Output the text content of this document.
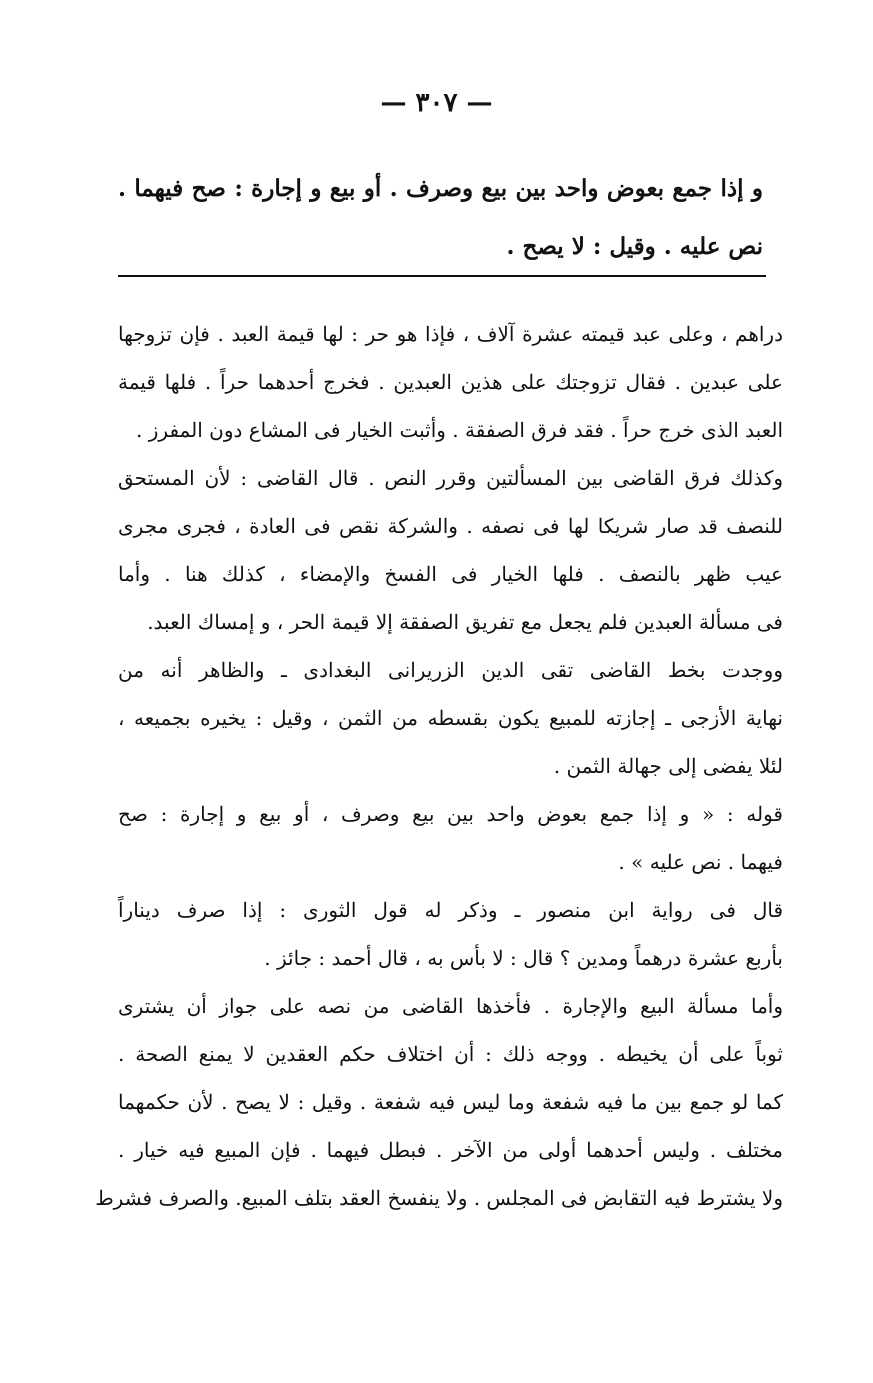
— ٣٠٧ —
و إذا جمع بعوض واحد بين بيع وصرف . أو بيع و إجارة : صح فيهما .
نص عليه . وقيل : لا يصح .
دراهم ، وعلى عبد قيمته عشرة آلاف ، فإذا هو حر : لها قيمة العبد . فإن تزوجها
على عبدين . فقال تزوجتك على هذين العبدين . فخرج أحدهما حراً . فلها قيمة
العبد الذى خرج حراً . فقد فرق الصفقة . وأثبت الخيار فى المشاع دون المفرز .
وكذلك فرق القاضى بين المسألتين وقرر النص . قال القاضى : لأن المستحق
للنصف قد صار شريكا لها فى نصفه . والشركة نقص فى العادة ، فجرى مجرى
عيب ظهر بالنصف . فلها الخيار فى الفسخ والإمضاء ، كذلك هنا . وأما
فى مسألة العبدين فلم يجعل مع تفريق الصفقة إلا قيمة الحر ، و إمساك العبد.
ووجدت بخط القاضى تقى الدين الزريرانى البغدادى ـ والظاهر أنه من
نهاية الأزجى ـ إجازته للمبيع يكون بقسطه من الثمن ، وقيل : يخيره بجميعه ،
لئلا يفضى إلى جهالة الثمن .
قوله : « و إذا جمع بعوض واحد بين بيع وصرف ، أو بيع و إجارة : صح
فيهما . نص عليه » .
قال فى رواية ابن منصور ـ وذكر له قول الثورى : إذا صرف ديناراً
بأربع عشرة درهماً ومدين ؟ قال : لا بأس به ، قال أحمد : جائز .
وأما مسألة البيع والإجارة . فأخذها القاضى من نصه على جواز أن يشترى
ثوباً على أن يخيطه . ووجه ذلك : أن اختلاف حكم العقدين لا يمنع الصحة .
كما لو جمع بين ما فيه شفعة وما ليس فيه شفعة . وقيل : لا يصح . لأن حكمهما
مختلف . وليس أحدهما أولى من الآخر . فبطل فيهما . فإن المبيع فيه خيار .
ولا يشترط فيه التقابض فى المجلس . ولا ينفسخ العقد بتلف المبيع. والصرف فشرط
